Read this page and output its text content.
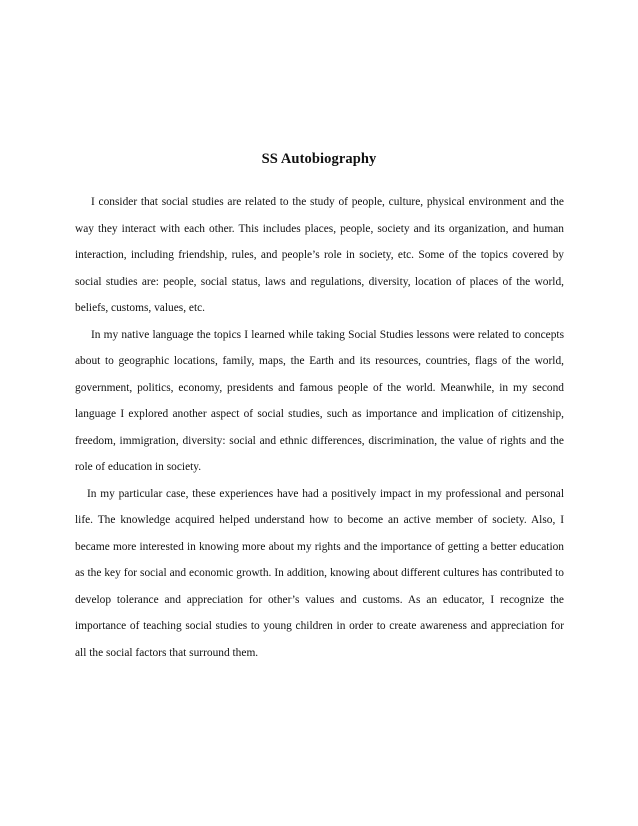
SS Autobiography

I consider that social studies are related to the study of people, culture, physical environment and the way they interact with each other. This includes places, people, society and its organization, and human interaction, including friendship, rules, and people’s role in society, etc. Some of the topics covered by social studies are: people, social status, laws and regulations, diversity, location of places of the world, beliefs, customs, values, etc.

In my native language the topics I learned while taking Social Studies lessons were related to concepts about to geographic locations, family, maps, the Earth and its resources, countries, flags of the world, government, politics, economy, presidents and famous people of the world. Meanwhile, in my second language I explored another aspect of social studies, such as importance and implication of citizenship, freedom, immigration, diversity: social and ethnic differences, discrimination, the value of rights and the role of education in society.

In my particular case, these experiences have had a positively impact in my professional and personal life. The knowledge acquired helped understand how to become an active member of society. Also, I became more interested in knowing more about my rights and the importance of getting a better education as the key for social and economic growth. In addition, knowing about different cultures has contributed to develop tolerance and appreciation for other’s values and customs. As an educator, I recognize the importance of teaching social studies to young children in order to create awareness and appreciation for all the social factors that surround them.
